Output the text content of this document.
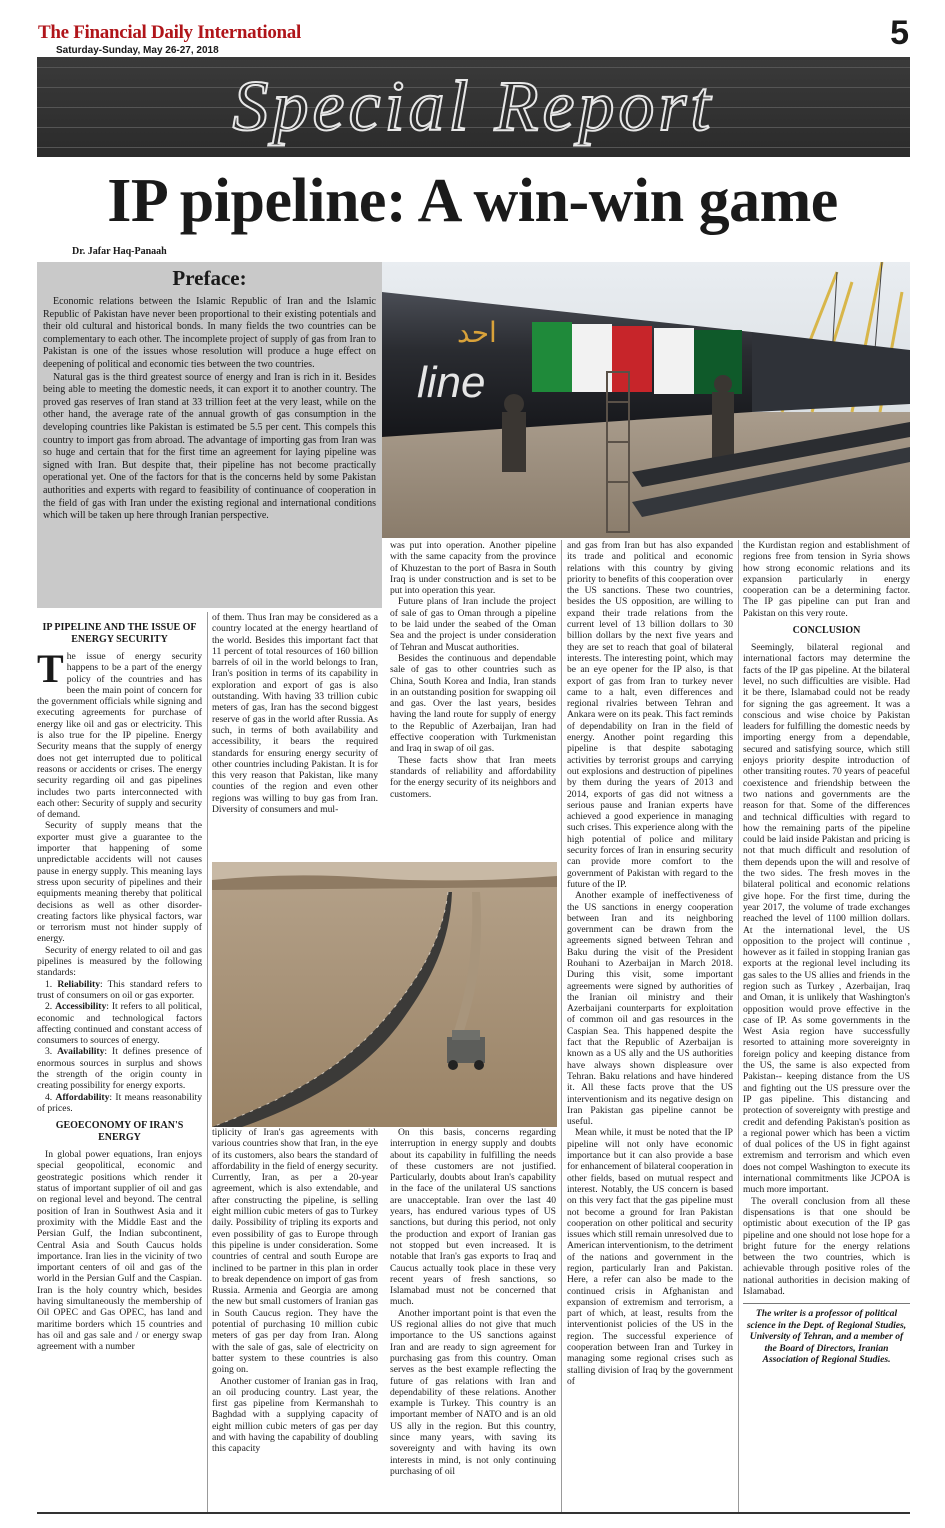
The Financial Daily International
Saturday-Sunday, May 26-27, 2018	5
Special Report
IP pipeline: A win-win game
Dr. Jafar Haq-Panaah
Preface:

Economic relations between the Islamic Republic of Iran and the Islamic Republic of Pakistan have never been proportional to their existing potentials and their old cultural and historical bonds. In many fields the two countries can be complementary to each other. The incomplete project of supply of gas from Iran to Pakistan is one of the issues whose resolution will produce a huge effect on deepening of political and economic ties between the two countries.

Natural gas is the third greatest source of energy and Iran is rich in it. Besides being able to meeting the domestic needs, it can export it to another country. The proved gas reserves of Iran stand at 33 trillion feet at the very least, while on the other hand, the average rate of the annual growth of gas consumption in the developing countries like Pakistan is estimated be 5.5 per cent. This compels this country to import gas from abroad. The advantage of importing gas from Iran was so huge and certain that for the first time an agreement for laying pipeline was signed with Iran. But despite that, their pipeline has not become practically operational yet. One of the factors for that is the concerns held by some Pakistan authorities and experts with regard to feasibility of continuance of cooperation in the field of gas with Iran under the existing regional and international conditions which will be taken up here through Iranian perspective.

line
احد
IP PIPELINE AND THE ISSUE OF ENERGY SECURITY

The issue of energy security happens to be a part of the energy policy of the countries and has been the main point of concern for the government officials while signing and executing agreements for purchase of energy like oil and gas or electricity. This is also true for the IP pipeline. Energy Security means that the supply of energy does not get interrupted due to political reasons or accidents or crises. The energy security regarding oil and gas pipelines includes two parts interconnected with each other: Security of supply and security of demand.

Security of supply means that the exporter must give a guarantee to the importer that happening of some unpredictable accidents will not causes pause in energy supply. This meaning lays stress upon security of pipelines and their equipments meaning thereby that political decisions as well as other disorder-creating factors like physical factors, war or terrorism must not hinder supply of energy.

Security of energy related to oil and gas pipelines is measured by the following standards:

1. Reliability: This standard refers to trust of consumers on oil or gas exporter.

2. Accessibility: It refers to all political, economic and technological factors affecting continued and constant access of consumers to sources of energy.

3. Availability: It defines presence of enormous sources in surplus and shows the strength of the origin county in creating possibility for energy exports.

4. Affordability: It means reasonability of prices.

GEOECONOMY OF IRAN'S ENERGY

In global power equations, Iran enjoys special geopolitical, economic and geostrategic positions which render it status of important supplier of oil and gas on regional level and beyond. The central position of Iran in Southwest Asia and it proximity with the Middle East and the Persian Gulf, the Indian subcontinent, Central Asia and South Caucus holds importance. Iran lies in the vicinity of two important centers of oil and gas of the world in the Persian Gulf and the Caspian. Iran is the holy country which, besides having simultaneously the membership of Oil OPEC and Gas OPEC, has land and maritime borders which 15 countries and has oil and gas sale and / or energy swap agreement with a number

of them. Thus Iran may be considered as a country located at the energy heartland of the world. Besides this important fact that 11 percent of total resources of 160 billion barrels of oil in the world belongs to Iran, Iran's position in terms of its capability in exploration and export of gas is also outstanding. With having 33 trillion cubic meters of gas, Iran has the second biggest reserve of gas in the world after Russia. As such, in terms of both availability and accessibility, it bears the required standards for ensuring energy security of other countries including Pakistan. It is for this very reason that Pakistan, like many counties of the region and even other regions was willing to buy gas from Iran. Diversity of consumers and mul-

tiplicity of Iran's gas agreements with various countries show that Iran, in the eye of its customers, also bears the standard of affordability in the field of energy security. Currently, Iran, as per a 20-year agreement, which is also extendable, and after constructing the pipeline, is selling eight million cubic meters of gas to Turkey daily. Possibility of tripling its exports and even possibility of gas to Europe through this pipeline is under consideration. Some countries of central and south Europe are inclined to be partner in this plan in order to break dependence on import of gas from Russia. Armenia and Georgia are among the new but small customers of Iranian gas in South Caucus region. They have the potential of purchasing 10 million cubic meters of gas per day from Iran. Along with the sale of gas, sale of electricity on batter system to these countries is also going on.

Another customer of Iranian gas in Iraq, an oil producing country. Last year, the first gas pipeline from Kermanshah to Baghdad with a supplying capacity of eight million cubic meters of gas per day and with having the capability of doubling this capacity

was put into operation. Another pipeline with the same capacity from the province of Khuzestan to the port of Basra in South Iraq is under construction and is set to be put into operation this year.

Future plans of Iran include the project of sale of gas to Oman through a pipeline to be laid under the seabed of the Oman Sea and the project is under consideration of Tehran and Muscat authorities.

Besides the continuous and dependable sale of gas to other countries such as China, South Korea and India, Iran stands in an outstanding position for swapping oil and gas. Over the last years, besides having the land route for supply of energy to the Republic of Azerbaijan, Iran had effective cooperation with Turkmenistan and Iraq in swap of oil gas.

These facts show that Iran meets standards of reliability and affordability for the energy security of its neighbors and customers.

On this basis, concerns regarding interruption in energy supply and doubts about its capability in fulfilling the needs of these customers are not justified. Particularly, doubts about Iran's capability in the face of the unilateral US sanctions are unacceptable. Iran over the last 40 years, has endured various types of US sanctions, but during this period, not only the production and export of Iranian gas not stopped but even increased. It is notable that Iran's gas exports to Iraq and Caucus actually took place in these very recent years of fresh sanctions, so Islamabad must not be concerned that much.

Another important point is that even the US regional allies do not give that much importance to the US sanctions against Iran and are ready to sign agreement for purchasing gas from this country. Oman serves as the best example reflecting the future of gas relations with Iran and dependability of these relations. Another example is Turkey. This country is an important member of NATO and is an old US ally in the region. But this country, since many years, with saving its sovereignty and with having its own interests in mind, is not only continuing purchasing of oil

and gas from Iran but has also expanded its trade and political and economic relations with this country by giving priority to benefits of this cooperation over the US sanctions. These two countries, besides the US opposition, are willing to expand their trade relations from the current level of 13 billion dollars to 30 billion dollars by the next five years and they are set to reach that goal of bilateral interests. The interesting point, which may be an eye opener for the IP also, is that export of gas from Iran to turkey never came to a halt, even differences and regional rivalries between Tehran and Ankara were on its peak. This fact reminds of dependability on Iran in the field of energy. Another point regarding this pipeline is that despite sabotaging activities by terrorist groups and carrying out explosions and destruction of pipelines by them during the years of 2013 and 2014, exports of gas did not witness a serious pause and Iranian experts have achieved a good experience in managing such crises. This experience along with the high potential of police and military security forces of Iran in ensuring security can provide more comfort to the government of Pakistan with regard to the future of the IP.

Another example of ineffectiveness of the US sanctions in energy cooperation between Iran and its neighboring government can be drawn from the agreements signed between Tehran and Baku during the visit of the President Rouhani to Azerbaijan in March 2018. During this visit, some important agreements were signed by authorities of the Iranian oil ministry and their Azerbaijani counterparts for exploitation of common oil and gas resources in the Caspian Sea. This happened despite the fact that the Republic of Azerbaijan is known as a US ally and the US authorities have always shown displeasure over Tehran. Baku relations and have hindered it. All these facts prove that the US interventionism and its negative design on Iran Pakistan gas pipeline cannot be useful.

Mean while, it must be noted that the IP pipeline will not only have economic importance but it can also provide a base for enhancement of bilateral cooperation in other fields, based on mutual respect and interest. Notably, the US concern is based on this very fact that the gas pipeline must not become a ground for Iran Pakistan cooperation on other political and security issues which still remain unresolved due to American interventionism, to the detriment of the nations and government in the region, particularly Iran and Pakistan. Here, a refer can also be made to the continued crisis in Afghanistan and expansion of extremism and terrorism, a part of which, at least, results from the interventionist policies of the US in the region. The successful experience of cooperation between Iran and Turkey in managing some regional crises such as stalling division of Iraq by the government of

the Kurdistan region and establishment of regions free from tension in Syria shows how strong economic relations and its expansion particularly in energy cooperation can be a determining factor. The IP gas pipeline can put Iran and Pakistan on this very route.

CONCLUSION

Seemingly, bilateral regional and international factors may determine the facts of the IP gas pipeline. At the bilateral level, no such difficulties are visible. Had it be there, Islamabad could not be ready for signing the gas agreement. It was a conscious and wise choice by Pakistan leaders for fulfilling the domestic needs by importing energy from a dependable, secured and satisfying source, which still enjoys priority despite introduction of other transiting routes. 70 years of peaceful coexistence and friendship between the two nations and governments are the reason for that. Some of the differences and technical difficulties with regard to how the remaining parts of the pipeline could be laid inside Pakistan and pricing is not that much difficult and resolution of them depends upon the will and resolve of the two sides. The fresh moves in the bilateral political and economic relations give hope. For the first time, during the year 2017, the volume of trade exchanges reached the level of 1100 million dollars. At the international level, the US opposition to the project will continue , however as it failed in stopping Iranian gas exports at the regional level including its gas sales to the US allies and friends in the region such as Turkey , Azerbaijan, Iraq and Oman, it is unlikely that Washington's opposition would prove effective in the case of IP. As some governments in the West Asia region have successfully resorted to attaining more sovereignty in foreign policy and keeping distance from the US, the same is also expected from Pakistan-- keeping distance from the US and fighting out the US pressure over the IP gas pipeline. This distancing and protection of sovereignty with prestige and credit and defending Pakistan's position as a regional power which has been a victim of dual polices of the US in fight against extremism and terrorism and which even does not compel Washington to execute its international commitments like JCPOA is much more important.

The overall conclusion from all these dispensations is that one should be optimistic about execution of the IP gas pipeline and one should not lose hope for a bright future for the energy relations between the two countries, which is achievable through positive roles of the national authorities in decision making of Islamabad.

The writer is a professor of political science in the Dept. of Regional Studies, University of Tehran, and a member of the Board of Directors, Iranian Association of Regional Studies.
